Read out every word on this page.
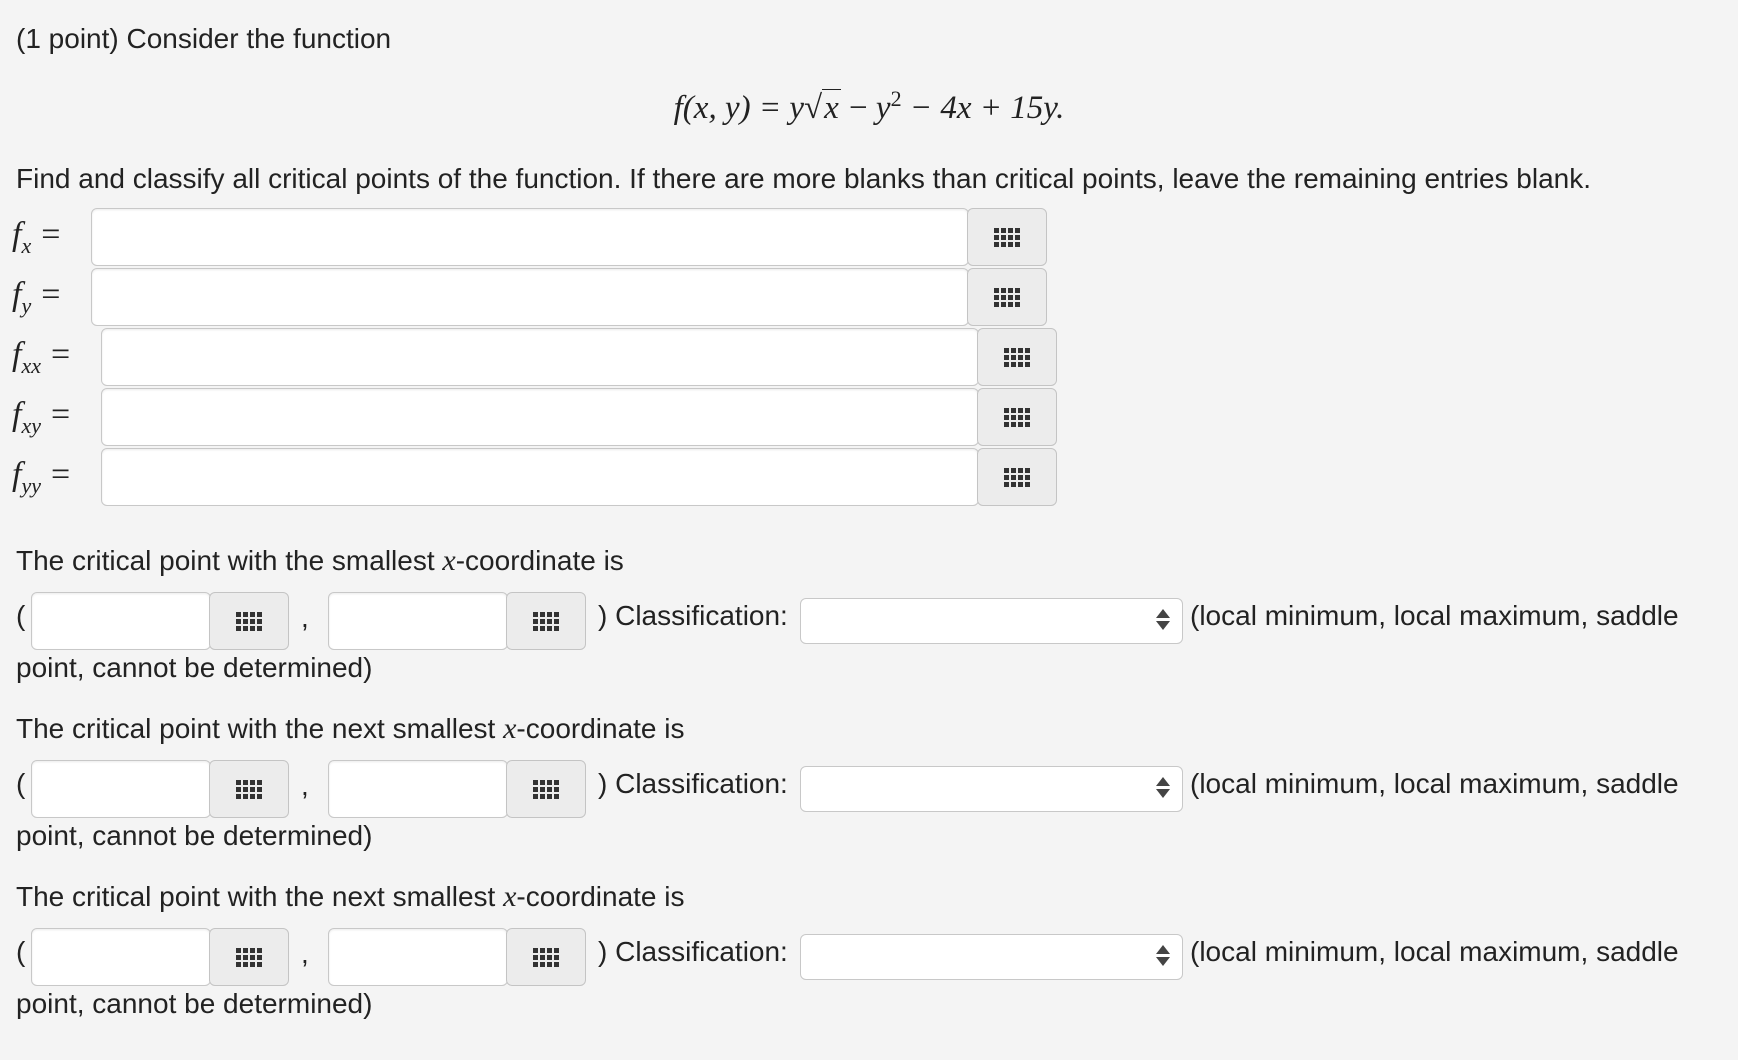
(1 point) Consider the function
f(x, $y) = y√x - y^2 - 4x + 15y$.
Find and classify all critical points of the function. If there are more blanks than critical points, leave the remaining entries blank.
$f_x$ =
$f_y$ =
$f_{xx}$ =
$f_{xy}$ =
$f_{yy}$ =
The critical point with the smallest x-coordinate is
(	,	) Classification:	(local minimum, local maximum, saddle
point, cannot be determined)
The critical point with the next smallest x-coordinate is
(	,	) Classification:	(local minimum, local maximum, saddle
point, cannot be determined)
The critical point with the next smallest x-coordinate is
(	,	) Classification:	(local minimum, local maximum, saddle
point, cannot be determined)
